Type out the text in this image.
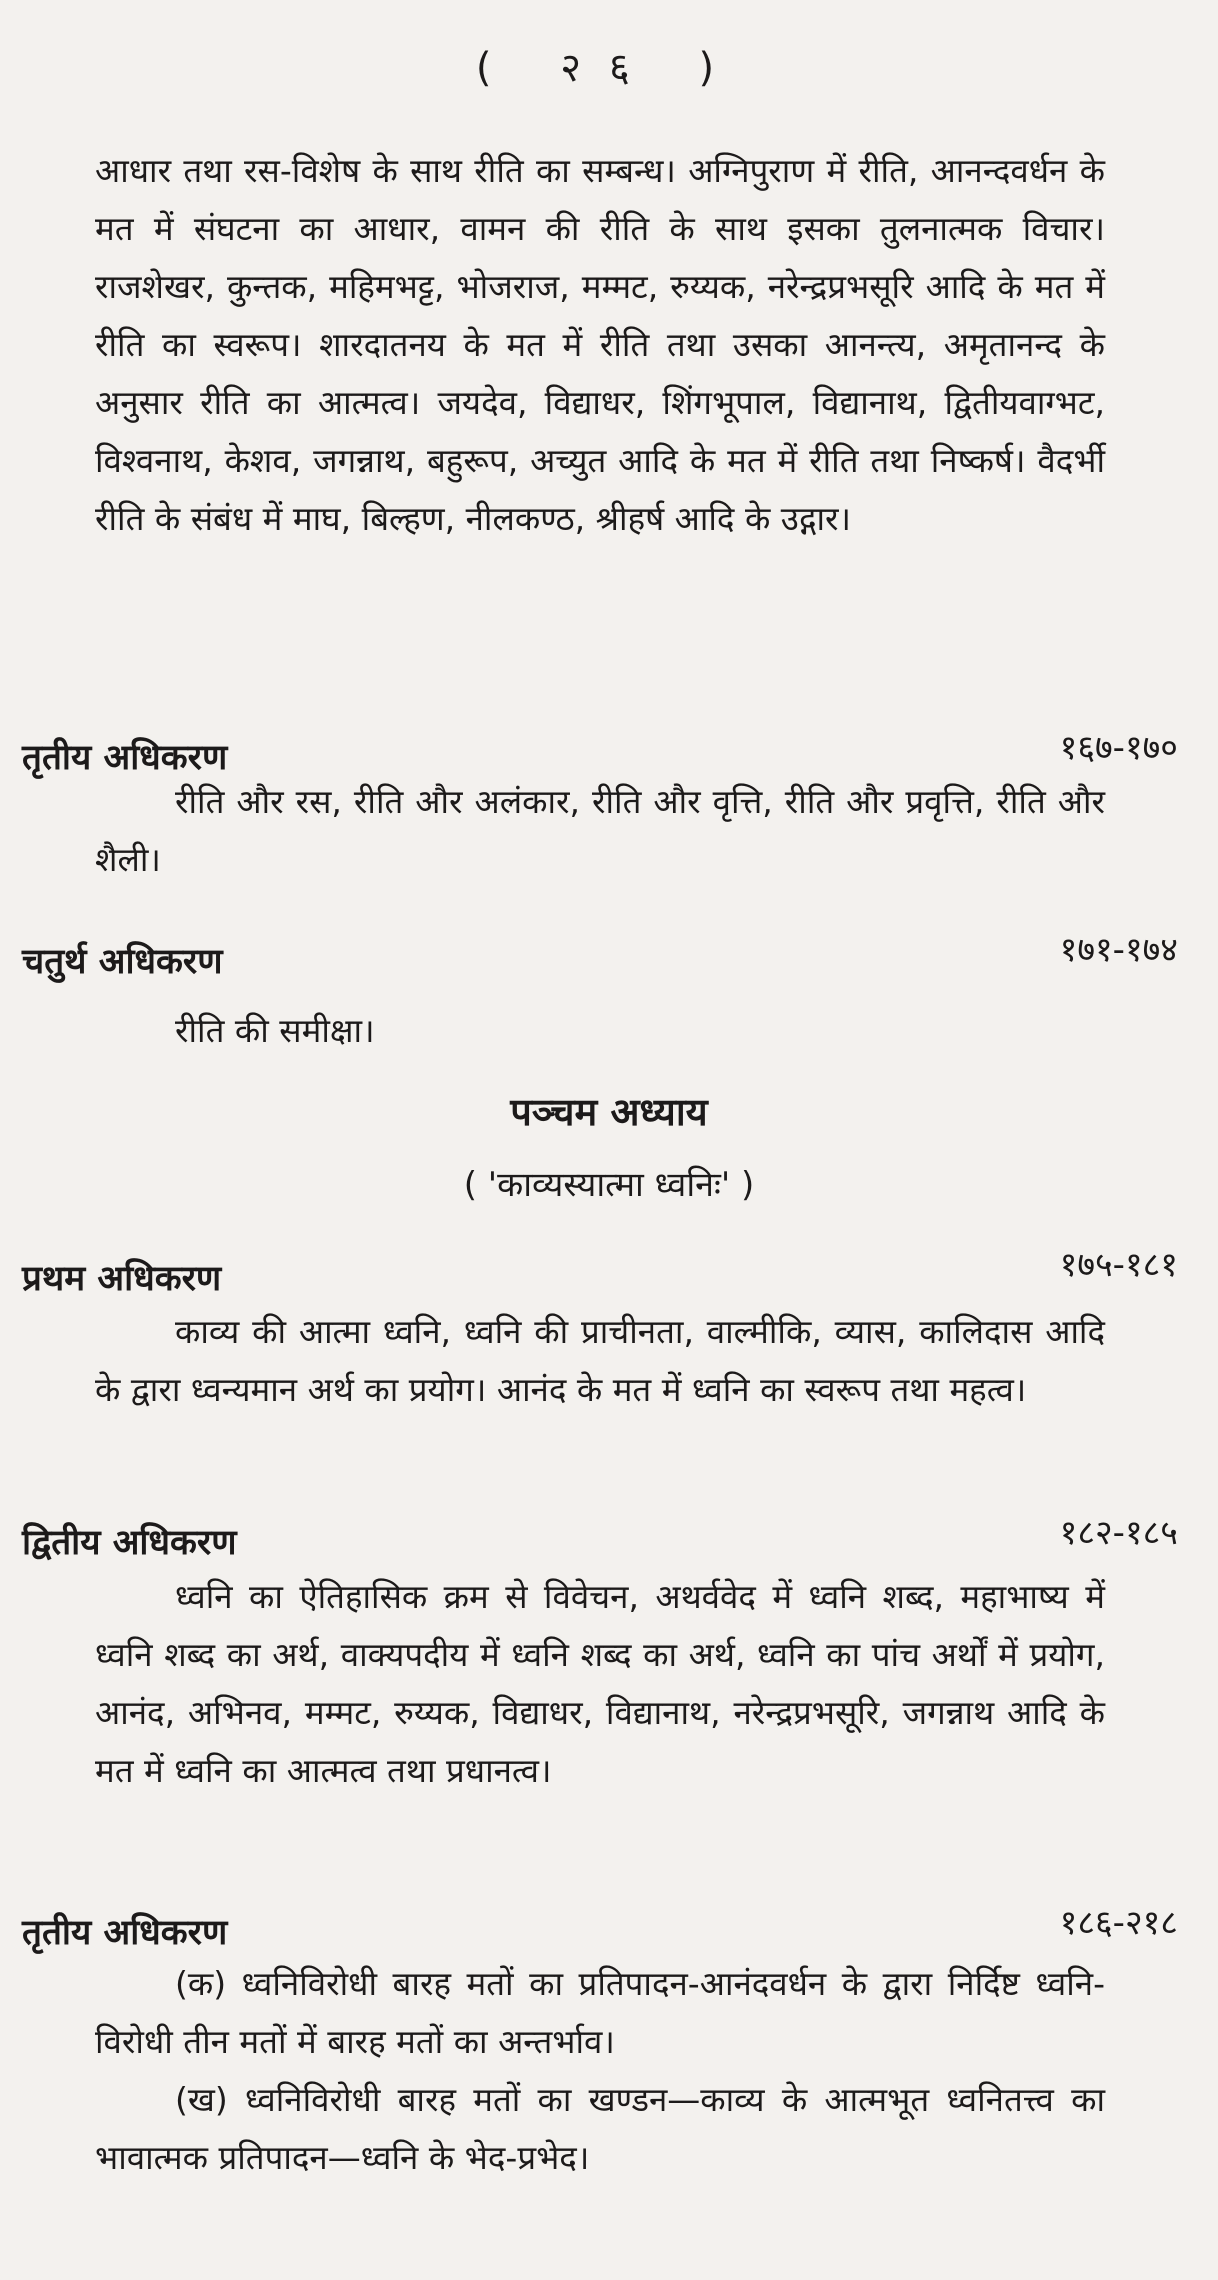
( २६ )
आधार तथा रस-विशेष के साथ रीति का सम्बन्ध। अग्निपुराण में रीति, आनन्दवर्धन के मत में संघटना का आधार, वामन की रीति के साथ इसका तुलनात्मक विचार। राजशेखर, कुन्तक, महिमभट्ट, भोजराज, मम्मट, रुय्यक, नरेन्द्रप्रभसूरि आदि के मत में रीति का स्वरूप। शारदातनय के मत में रीति तथा उसका आनन्त्य, अमृतानन्द के अनुसार रीति का आत्मत्व। जयदेव, विद्याधर, शिंगभूपाल, विद्यानाथ, द्वितीयवाग्भट, विश्वनाथ, केशव, जगन्नाथ, बहुरूप, अच्युत आदि के मत में रीति तथा निष्कर्ष। वैदर्भी रीति के संबंध में माघ, बिल्हण, नीलकण्ठ, श्रीहर्ष आदि के उद्गार।
तृतीय अधिकरण	१६७-१७०
रीति और रस, रीति और अलंकार, रीति और वृत्ति, रीति और प्रवृत्ति, रीति और शैली।
चतुर्थ अधिकरण	१७१-१७४
रीति की समीक्षा।
पञ्चम अध्याय
( 'काव्यस्यात्मा ध्वनिः' )
प्रथम अधिकरण	१७५-१८१
काव्य की आत्मा ध्वनि, ध्वनि की प्राचीनता, वाल्मीकि, व्यास, कालिदास आदि के द्वारा ध्वन्यमान अर्थ का प्रयोग। आनंद के मत में ध्वनि का स्वरूप तथा महत्व।
द्वितीय अधिकरण	१८२-१८५
ध्वनि का ऐतिहासिक क्रम से विवेचन, अथर्ववेद में ध्वनि शब्द, महाभाष्य में ध्वनि शब्द का अर्थ, वाक्यपदीय में ध्वनि शब्द का अर्थ, ध्वनि का पांच अर्थों में प्रयोग, आनंद, अभिनव, मम्मट, रुय्यक, विद्याधर, विद्यानाथ, नरेन्द्रप्रभसूरि, जगन्नाथ आदि के मत में ध्वनि का आत्मत्व तथा प्रधानत्व।
तृतीय अधिकरण	१८६-२१८
(क) ध्वनिविरोधी बारह मतों का प्रतिपादन-आनंदवर्धन के द्वारा निर्दिष्ट ध्वनि-विरोधी तीन मतों में बारह मतों का अन्तर्भाव।
(ख) ध्वनिविरोधी बारह मतों का खण्डन—काव्य के आत्मभूत ध्वनितत्त्व का भावात्मक प्रतिपादन—ध्वनि के भेद-प्रभेद।
